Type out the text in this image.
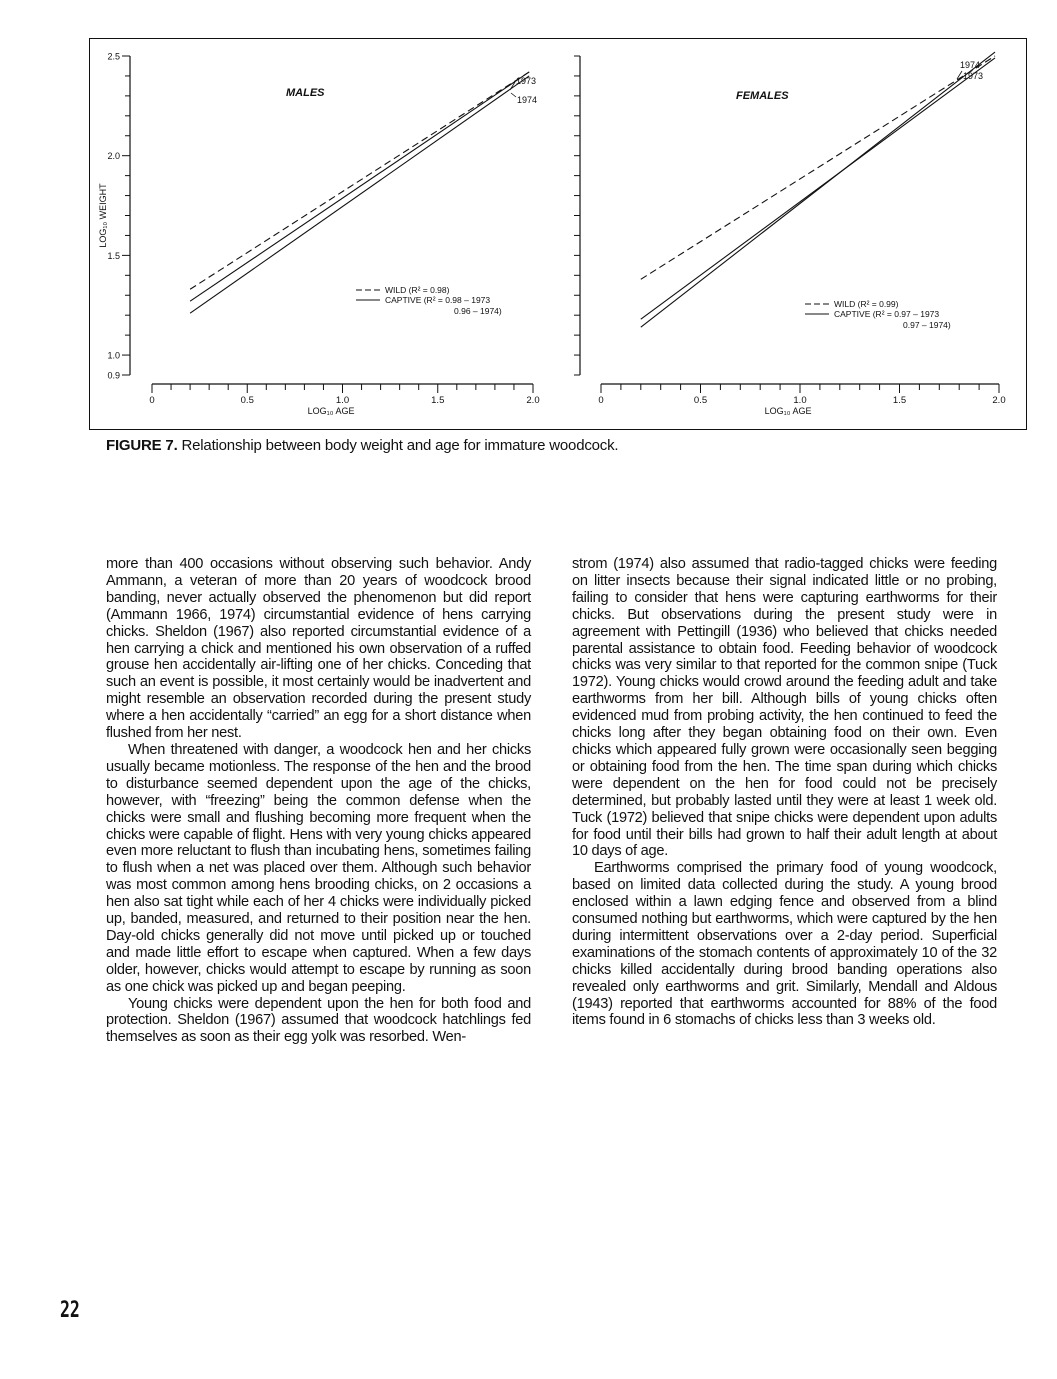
0	0.5	1.0	1.5	2.0
LOG₁₀ AGE
0.9
1.0
1.5
2.0
2.5
LOG₁₀ WEIGHT
MALES
1973
1974
WILD (R² = 0.98)
CAPTIVE (R² = 0.98 – 1973
0.96 – 1974)
0	0.5	1.0	1.5	2.0
LOG₁₀ AGE
FEMALES
1973
1974
WILD (R² = 0.99)
CAPTIVE (R² = 0.97 – 1973
0.97 – 1974)
FIGURE 7. Relationship between body weight and age for immature woodcock.

more than 400 occasions without observing such behavior. Andy Ammann, a veteran of more than 20 years of woodcock brood banding, never actually observed the phenomenon but did report (Ammann 1966, 1974) circumstantial evidence of hens carrying chicks. Sheldon (1967) also reported circumstantial evidence of a hen carrying a chick and mentioned his own observation of a ruffed grouse hen accidentally air-lifting one of her chicks. Conceding that such an event is possible, it most certainly would be inadvertent and might resemble an observation recorded during the present study where a hen accidentally “carried” an egg for a short distance when flushed from her nest.

When threatened with danger, a woodcock hen and her chicks usually became motionless. The response of the hen and the brood to disturbance seemed dependent upon the age of the chicks, however, with “freezing” being the common defense when the chicks were small and flushing becoming more frequent when the chicks were capable of flight. Hens with very young chicks appeared even more reluctant to flush than incubating hens, sometimes failing to flush when a net was placed over them. Although such behavior was most common among hens brooding chicks, on 2 occasions a hen also sat tight while each of her 4 chicks were individually picked up, banded, measured, and returned to their position near the hen. Day-old chicks generally did not move until picked up or touched and made little effort to escape when captured. When a few days older, however, chicks would attempt to escape by running as soon as one chick was picked up and began peeping.

Young chicks were dependent upon the hen for both food and protection. Sheldon (1967) assumed that woodcock hatchlings fed themselves as soon as their egg yolk was resorbed. Wen-

strom (1974) also assumed that radio-tagged chicks were feeding on litter insects because their signal indicated little or no probing, failing to consider that hens were capturing earthworms for their chicks. But observations during the present study were in agreement with Pettingill (1936) who believed that chicks needed parental assistance to obtain food. Feeding behavior of woodcock chicks was very similar to that reported for the common snipe (Tuck 1972). Young chicks would crowd around the feeding adult and take earthworms from her bill. Although bills of young chicks often evidenced mud from probing activity, the hen continued to feed the chicks long after they began obtaining food on their own. Even chicks which appeared fully grown were occasionally seen begging or obtaining food from the hen. The time span during which chicks were dependent on the hen for food could not be precisely determined, but probably lasted until they were at least 1 week old. Tuck (1972) believed that snipe chicks were dependent upon adults for food until their bills had grown to half their adult length at about 10 days of age.

Earthworms comprised the primary food of young woodcock, based on limited data collected during the study. A young brood enclosed within a lawn edging fence and observed from a blind consumed nothing but earthworms, which were captured by the hen during intermittent observations over a 2-day period. Superficial examinations of the stomach contents of approximately 10 of the 32 chicks killed accidentally during brood banding operations also revealed only earthworms and grit. Similarly, Mendall and Aldous (1943) reported that earthworms accounted for 88% of the food items found in 6 stomachs of chicks less than 3 weeks old.

22
